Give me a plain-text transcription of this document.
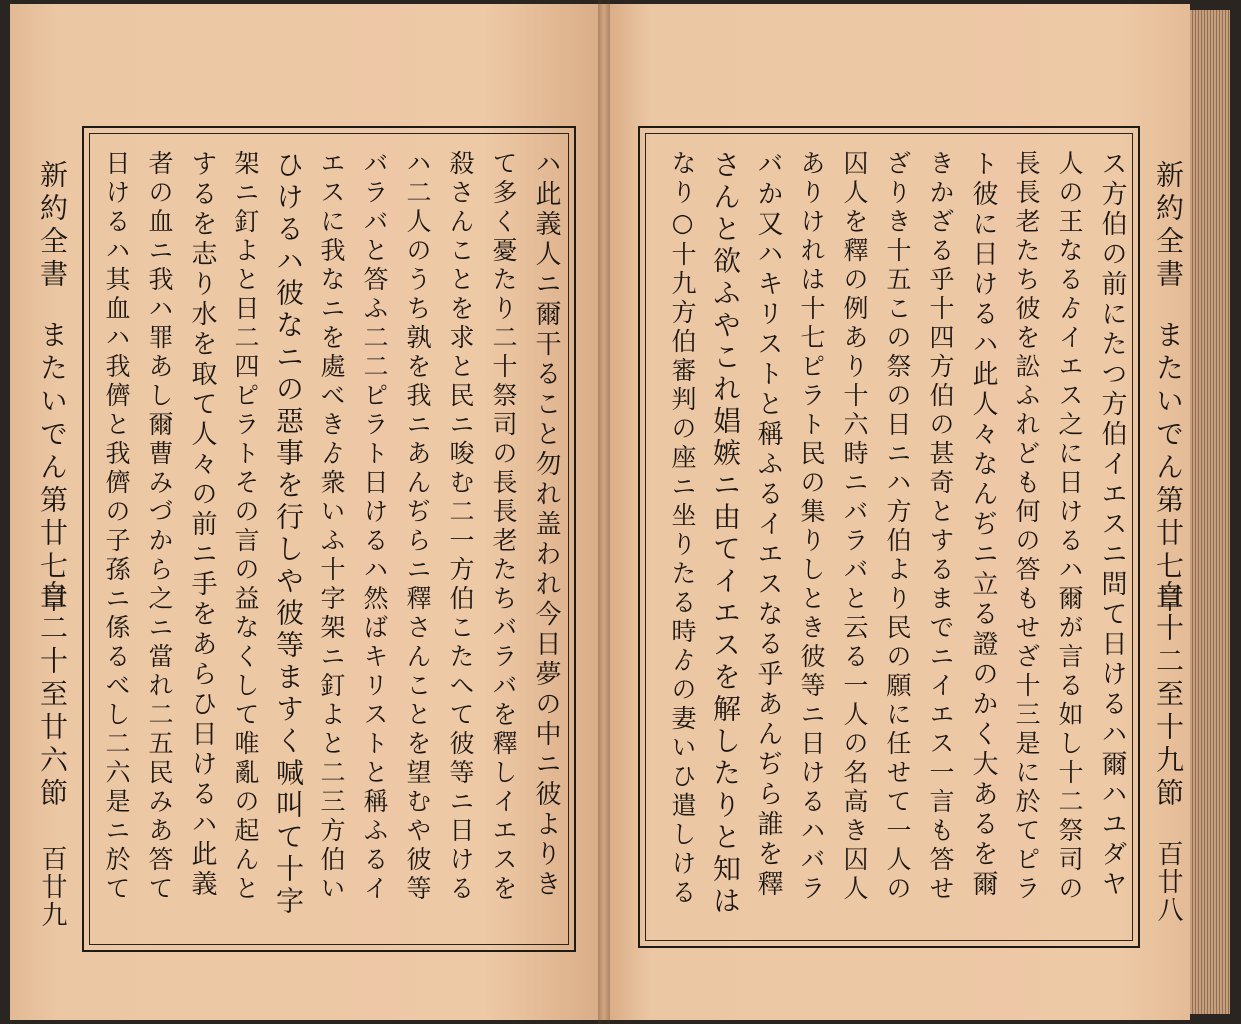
新約全書
またいでん第廿七章
自二十至廿六節
百廿九	ハ此義人ニ爾干ること勿れ盖われ今日夢の中ニ彼よりき
て多く憂たり二十祭司の長長老たちバラバを釋しイエスを
殺さんことを求と民ニ唆む二一方伯こたへて彼等ニ日ける
ハ二人のうち孰を我ニあんぢらニ釋さんことを望むや彼等
バラバと答ふ二二ピラト日けるハ然ばキリストと稱ふるイ
エスに我なニを處べきゟ衆いふ十字架ニ釘よと二三方伯い
ひけるハ彼なニの惡事を行しや彼等ますく喊叫て十字
架ニ釘よと日二四ピラトその言の益なくして唯亂の起んと
するを志り水を取て人々の前ニ手をあらひ日けるハ此義
者の血ニ我ハ罪あし爾曹みづから之ニ當れ二五民みあ答て
日けるハ其血ハ我儕と我儕の子孫ニ係るべし二六是ニ於て	新約全書
またいでん第廿七章
自十二至十九節
百廿八
ス方伯の前にたつ方伯イエスニ問て日けるハ爾ハユダヤ
人の王なるゟイエス之に日けるハ爾が言る如し十二祭司の
長長老たち彼を訟ふれども何の答もせざ十三是に於てピラ
ト彼に日けるハ此人々なんぢニ立る證のかく大あるを爾
きかざる乎十四方伯の甚奇とするまでニイエス一言も答せ
ざりき十五この祭の日ニハ方伯より民の願に任せて一人の
囚人を釋の例あり十六時ニバラバと云る一人の名高き囚人
ありけれは十七ピラト民の集りしとき彼等ニ日けるハバラ
バか又ハキリストと稱ふるイエスなる乎あんぢら誰を釋
さんと欲ふやこれ娼嫉ニ由てイエスを解したりと知は
なり○十九方伯審判の座ニ坐りたる時ゟの妻いひ遣しける
